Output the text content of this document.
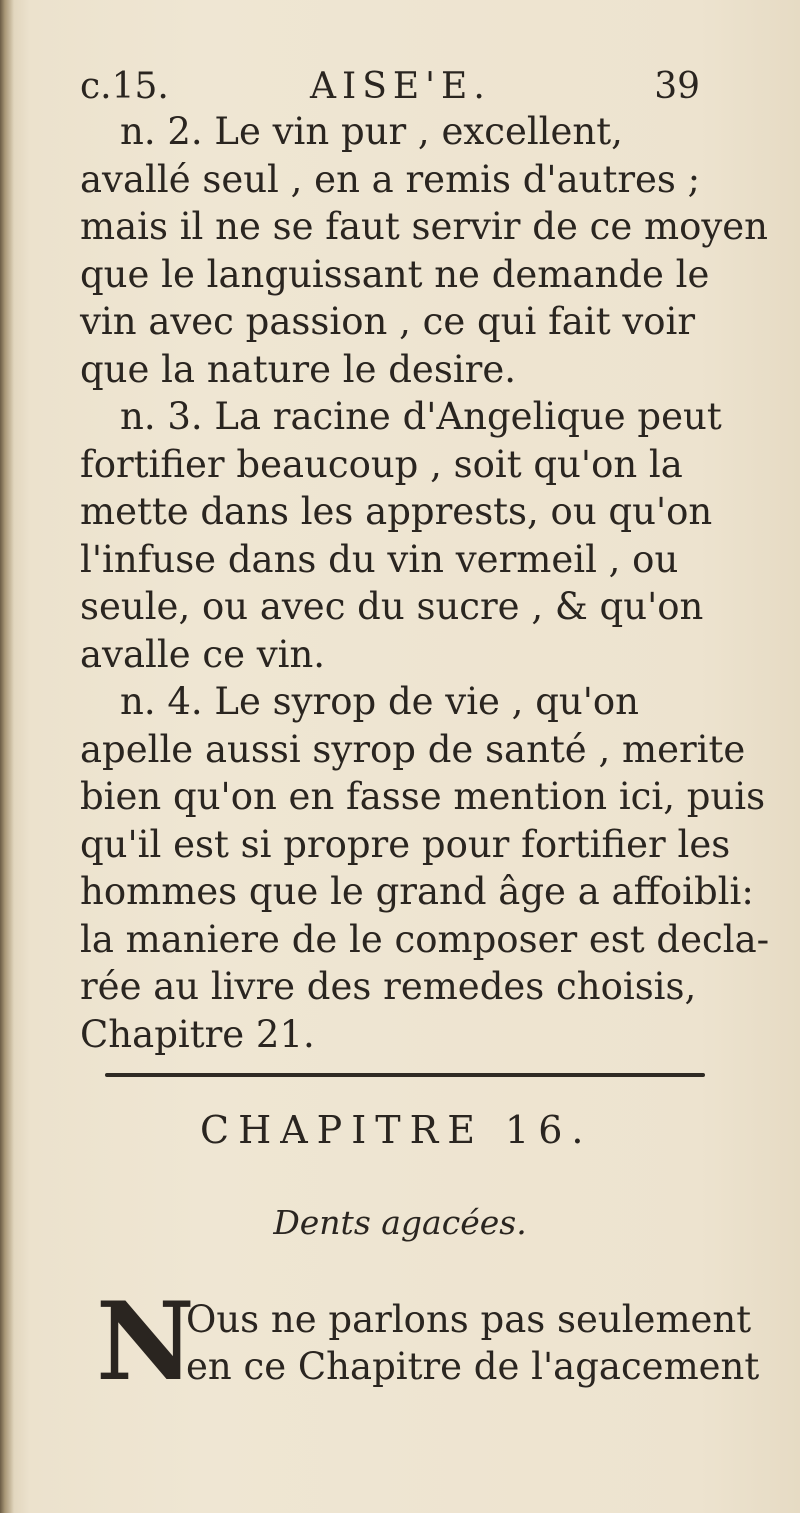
c.15.	AISE'E.	39

n. 2. Le vin pur , excellent,
avallé seul , en a remis d'autres ;
mais il ne se faut servir de ce moyen
que le languissant ne demande le
vin avec passion , ce qui fait voir
que la nature le desire.

n. 3. La racine d'Angelique peut
fortifier beaucoup , soit qu'on la
mette dans les apprests, ou qu'on
l'infuse dans du vin vermeil , ou
seule, ou avec du sucre , & qu'on
avalle ce vin.

n. 4. Le syrop de vie , qu'on
apelle aussi syrop de santé , merite
bien qu'on en fasse mention ici, puis
qu'il est si propre pour fortifier les
hommes que le grand âge a affoibli:
la maniere de le composer est decla-
rée au livre des remedes choisis,
Chapitre 21.

CHAPITRE 16.
Dents agacées.
N
Ous ne parlons pas seulement
en ce Chapitre de l'agacement
